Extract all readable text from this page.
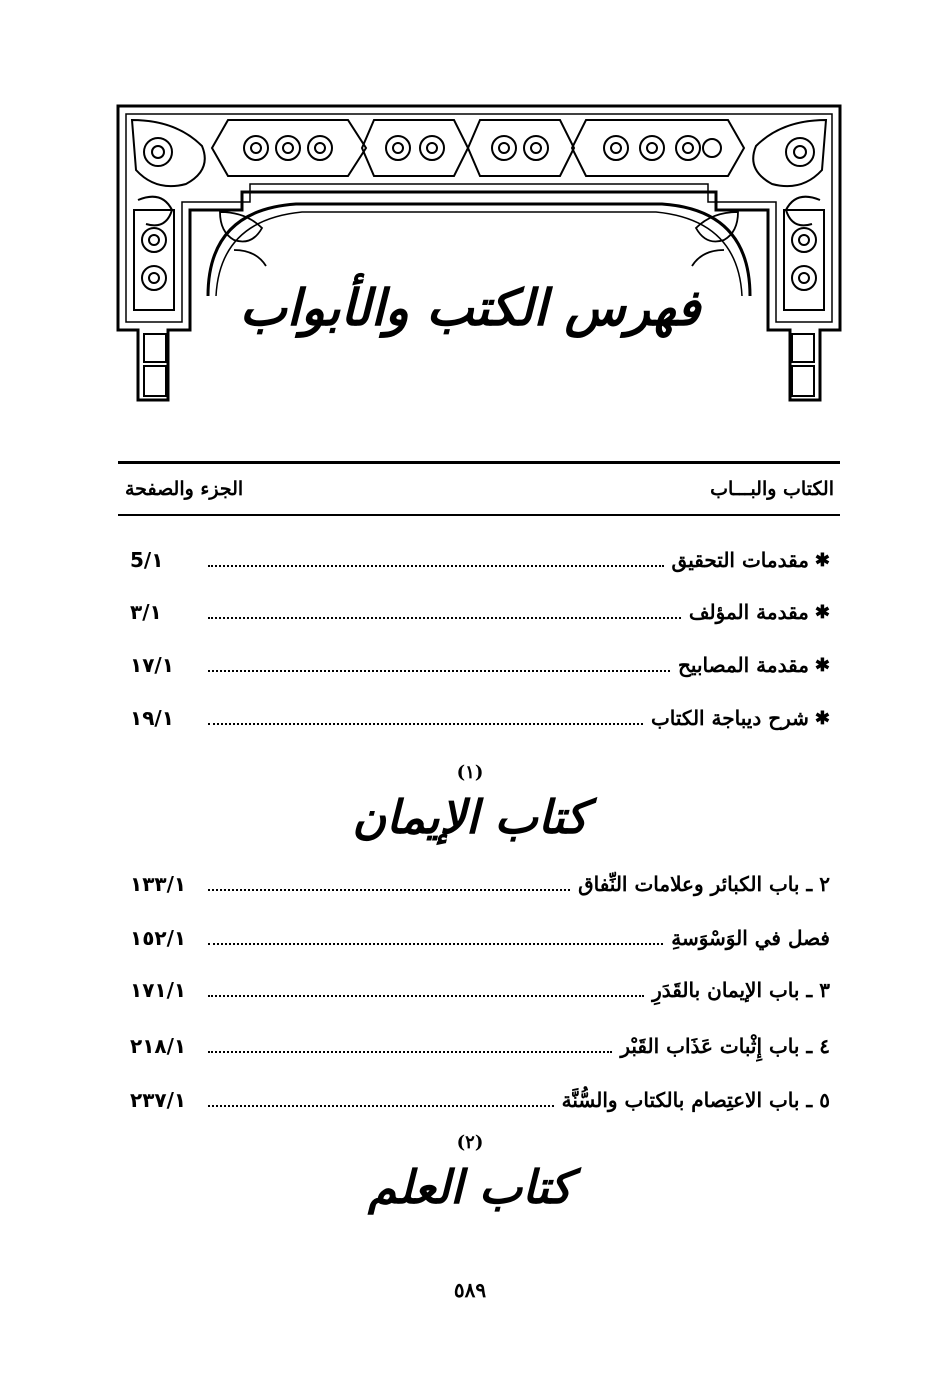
فهرس الكتب والأبواب
الكتاب والبـــاب
الجزء والصفحة
✱
مقدمات التحقيق
5/١
✱
مقدمة المؤلف
٣/١
✱
مقدمة المصابيح
١٧/١
✱
شرح ديباجة الكتاب
١٩/١
(١)
كتاب الإيمان
٢ ـ باب الكبائر وعلامات النِّفاق
١٣٣/١
فصل في الوَسْوَسةِ
١٥٢/١
٣ ـ باب الإيمان بالقَدَرِ
١٧١/١
٤ ـ باب إِثْبات عَذَاب القَبْر
٢١٨/١
٥ ـ باب الاعتِصام بالكتاب والسُّنَّة
٢٣٧/١
(٢)
كتاب العلم
٥٨٩
